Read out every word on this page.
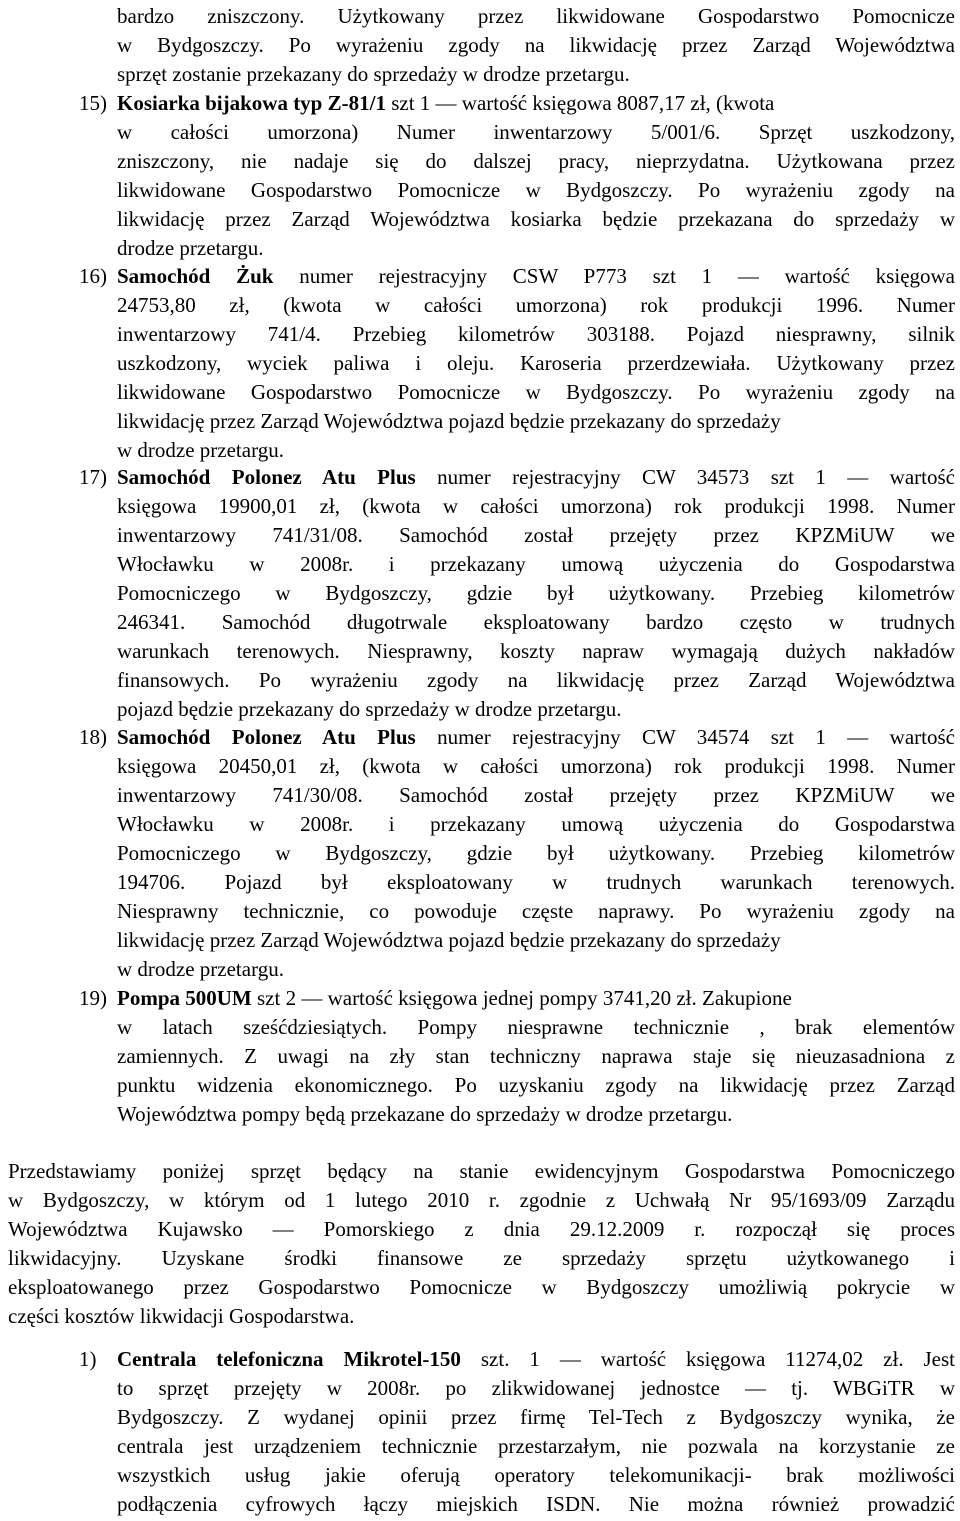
bardzo zniszczony. Użytkowany przez likwidowane Gospodarstwo Pomocnicze
w Bydgoszczy. Po wyrażeniu zgody na likwidację przez Zarząd Województwa
sprzęt zostanie przekazany do sprzedaży w drodze przetargu.
15) Kosiarka bijakowa typ Z-81/1 szt 1 — wartość księgowa 8087,17 zł, (kwota
w całości umorzona) Numer inwentarzowy 5/001/6. Sprzęt uszkodzony,
zniszczony, nie nadaje się do dalszej pracy, nieprzydatna. Użytkowana przez
likwidowane Gospodarstwo Pomocnicze w Bydgoszczy. Po wyrażeniu zgody na
likwidację przez Zarząd Województwa kosiarka będzie przekazana do sprzedaży w
drodze przetargu.
16) Samochód Żuk numer rejestracyjny CSW P773 szt 1 — wartość księgowa
24753,80 zł, (kwota w całości umorzona) rok produkcji 1996. Numer
inwentarzowy 741/4. Przebieg kilometrów 303188. Pojazd niesprawny, silnik
uszkodzony, wyciek paliwa i oleju. Karoseria przerdzewiała. Użytkowany przez
likwidowane Gospodarstwo Pomocnicze w Bydgoszczy. Po wyrażeniu zgody na
likwidację przez Zarząd Województwa pojazd będzie przekazany do sprzedaży
w drodze przetargu.
17) Samochód Polonez Atu Plus numer rejestracyjny CW 34573 szt 1 — wartość
księgowa 19900,01 zł, (kwota w całości umorzona) rok produkcji 1998. Numer
inwentarzowy 741/31/08. Samochód został przejęty przez KPZMiUW we
Włocławku w 2008r. i przekazany umową użyczenia do Gospodarstwa
Pomocniczego w Bydgoszczy, gdzie był użytkowany. Przebieg kilometrów
246341. Samochód długotrwale eksploatowany bardzo często w trudnych
warunkach terenowych. Niesprawny, koszty napraw wymagają dużych nakładów
finansowych. Po wyrażeniu zgody na likwidację przez Zarząd Województwa
pojazd będzie przekazany do sprzedaży w drodze przetargu.
18) Samochód Polonez Atu Plus numer rejestracyjny CW 34574 szt 1 — wartość
księgowa 20450,01 zł, (kwota w całości umorzona) rok produkcji 1998. Numer
inwentarzowy 741/30/08. Samochód został przejęty przez KPZMiUW we
Włocławku w 2008r. i przekazany umową użyczenia do Gospodarstwa
Pomocniczego w Bydgoszczy, gdzie był użytkowany. Przebieg kilometrów
194706. Pojazd był eksploatowany w trudnych warunkach terenowych.
Niesprawny technicznie, co powoduje częste naprawy. Po wyrażeniu zgody na
likwidację przez Zarząd Województwa pojazd będzie przekazany do sprzedaży
w drodze przetargu.
19) Pompa 500UM szt 2 — wartość księgowa jednej pompy 3741,20 zł. Zakupione
w latach sześćdziesiątych. Pompy niesprawne technicznie , brak elementów
zamiennych. Z uwagi na zły stan techniczny naprawa staje się nieuzasadniona z
punktu widzenia ekonomicznego. Po uzyskaniu zgody na likwidację przez Zarząd
Województwa pompy będą przekazane do sprzedaży w drodze przetargu.
Przedstawiamy poniżej sprzęt będący na stanie ewidencyjnym Gospodarstwa Pomocniczego
w Bydgoszczy, w którym od 1 lutego 2010 r. zgodnie z Uchwałą Nr 95/1693/09 Zarządu
Województwa Kujawsko — Pomorskiego z dnia 29.12.2009 r. rozpoczął się proces
likwidacyjny. Uzyskane środki finansowe ze sprzedaży sprzętu użytkowanego i
eksploatowanego przez Gospodarstwo Pomocnicze w Bydgoszczy umożliwią pokrycie w
części kosztów likwidacji Gospodarstwa.
1) Centrala telefoniczna Mikrotel-150 szt. 1 — wartość księgowa 11274,02 zł. Jest
to sprzęt przejęty w 2008r. po zlikwidowanej jednostce — tj. WBGiTR w
Bydgoszczy. Z wydanej opinii przez firmę Tel-Tech z Bydgoszczy wynika, że
centrala jest urządzeniem technicznie przestarzałym, nie pozwala na korzystanie ze
wszystkich usług jakie oferują operatory telekomunikacji- brak możliwości
podłączenia cyfrowych łączy miejskich ISDN. Nie można również prowadzić
